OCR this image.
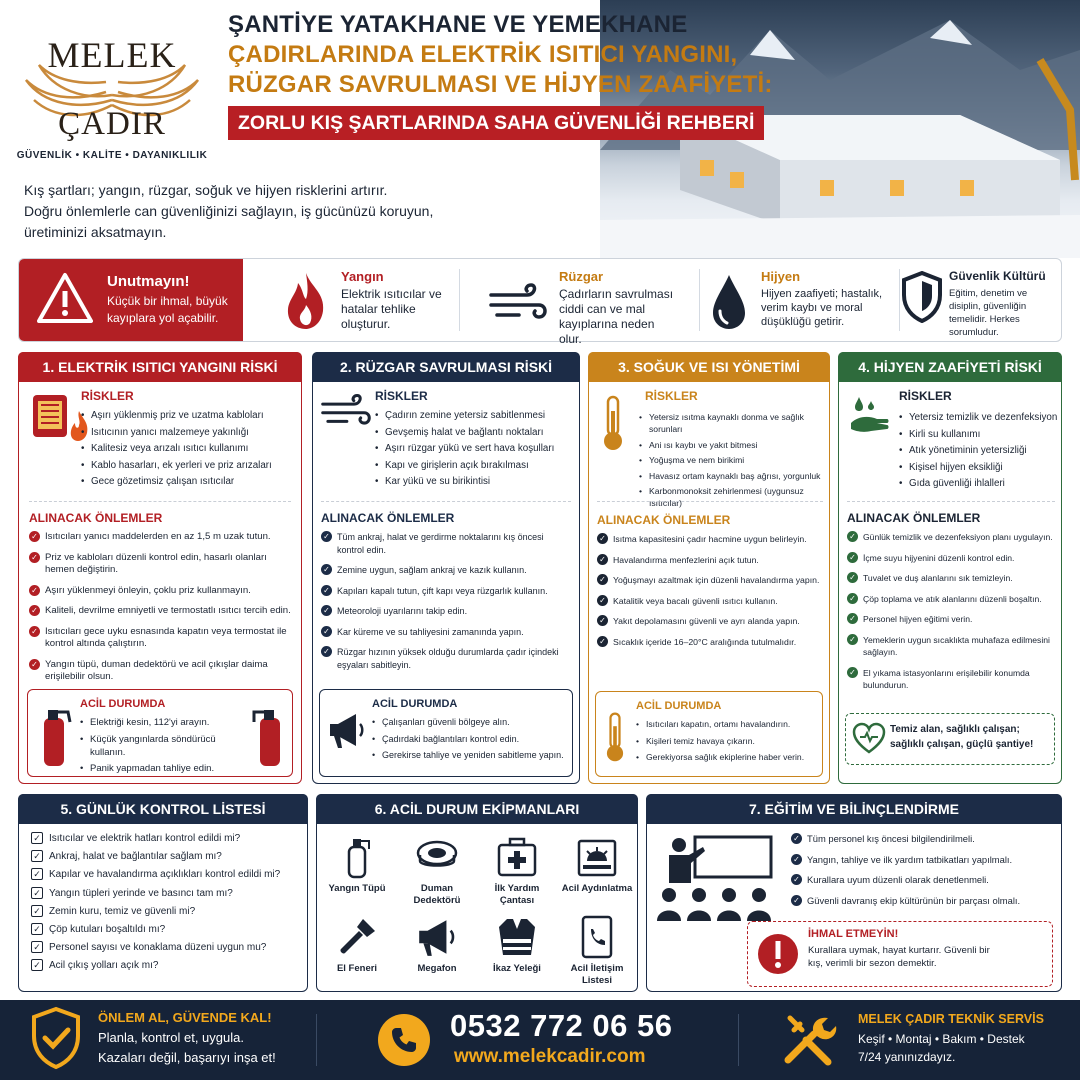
MELEK
ÇADIR
GÜVENLİK • KALİTE • DAYANIKLILIK
ŞANTİYE YATAKHANE VE YEMEKHANE
ÇADIRLARINDA ELEKTRİK ISITICI YANGINI,
RÜZGAR SAVRULMASI VE HİJYEN ZAAFİYETİ:
ZORLU KIŞ ŞARTLARINDA SAHA GÜVENLİĞİ REHBERİ
Kış şartları; yangın, rüzgar, soğuk ve hijyen risklerini artırır.
Doğru önlemlerle can güvenliğinizi sağlayın, iş gücünüzü koruyun,
üretiminizi aksatmayın.
Unutmayın!
Küçük bir ihmal, büyük kayıplara yol açabilir.
Yangın
Elektrik ısıtıcılar ve hatalar tehlike oluşturur.
Rüzgar
Çadırların savrulması ciddi can ve mal kayıplarına neden olur.
Hijyen
Hijyen zaafiyeti; hastalık, verim kaybı ve moral düşüklüğü getirir.
Güvenlik Kültürü
Eğitim, denetim ve disiplin, güvenliğin temelidir. Herkes sorumludur.
1. ELEKTRİK ISITICI YANGINI RİSKİ
RİSKLER
• Aşırı yüklenmiş priz ve uzatma kabloları
• Isıtıcının yanıcı malzemeye yakınlığı
• Kalitesiz veya arızalı ısıtıcı kullanımı
• Kablo hasarları, ek yerleri ve priz arızaları
• Gece gözetimsiz çalışan ısıtıcılar
ALINACAK ÖNLEMLER
✓ Isıtıcıları yanıcı maddelerden en az 1,5 m uzak tutun.
✓ Priz ve kabloları düzenli kontrol edin, hasarlı olanları hemen değiştirin.
✓ Aşırı yüklenmeyi önleyin, çoklu priz kullanmayın.
✓ Kaliteli, devrilme emniyetli ve termostatlı ısıtıcı tercih edin.
✓ Isıtıcıları gece uyku esnasında kapatın veya termostat ile kontrol altında çalıştırın.
✓ Yangın tüpü, duman dedektörü ve acil çıkışlar daima erişilebilir olsun.
ACİL DURUMDA
• Elektriği kesin, 112'yi arayın.
• Küçük yangınlarda söndürücü kullanın.
• Panik yapmadan tahliye edin.
2. RÜZGAR SAVRULMASI RİSKİ
RİSKLER
• Çadırın zemine yetersiz sabitlenmesi
• Gevşemiş halat ve bağlantı noktaları
• Aşırı rüzgar yükü ve sert hava koşulları
• Kapı ve girişlerin açık bırakılması
• Kar yükü ve su birikintisi
ALINACAK ÖNLEMLER
✓ Tüm ankraj, halat ve gerdirme noktalarını kış öncesi kontrol edin.
✓ Zemine uygun, sağlam ankraj ve kazık kullanın.
✓ Kapıları kapalı tutun, çift kapı veya rüzgarlık kullanın.
✓ Meteoroloji uyarılarını takip edin.
✓ Kar küreme ve su tahliyesini zamanında yapın.
✓ Rüzgar hızının yüksek olduğu durumlarda çadır içindeki eşyaları sabitleyin.
ACİL DURUMDA
• Çalışanları güvenli bölgeye alın.
• Çadırdaki bağlantıları kontrol edin.
• Gerekirse tahliye ve yeniden sabitleme yapın.
3. SOĞUK VE ISI YÖNETİMİ
RİSKLER
• Yetersiz ısıtma kaynaklı donma ve sağlık sorunları
• Ani ısı kaybı ve yakıt bitmesi
• Yoğuşma ve nem birikimi
• Havasız ortam kaynaklı baş ağrısı, yorgunluk
• Karbonmonoksit zehirlenmesi (uygunsuz ısıtıcılar)
ALINACAK ÖNLEMLER
✓ Isıtma kapasitesini çadır hacmine uygun belirleyin.
✓ Havalandırma menfezlerini açık tutun.
✓ Yoğuşmayı azaltmak için düzenli havalandırma yapın.
✓ Katalitik veya bacalı güvenli ısıtıcı kullanın.
✓ Yakıt depolamasını güvenli ve ayrı alanda yapın.
✓ Sıcaklık içeride 16–20°C aralığında tutulmalıdır.
ACİL DURUMDA
• Isıtıcıları kapatın, ortamı havalandırın.
• Kişileri temiz havaya çıkarın.
• Gerekiyorsa sağlık ekiplerine haber verin.
4. HİJYEN ZAAFİYETİ RİSKİ
RİSKLER
• Yetersiz temizlik ve dezenfeksiyon
• Kirli su kullanımı
• Atık yönetiminin yetersizliği
• Kişisel hijyen eksikliği
• Gıda güvenliği ihlalleri
ALINACAK ÖNLEMLER
✓ Günlük temizlik ve dezenfeksiyon planı uygulayın.
✓ İçme suyu hijyenini düzenli kontrol edin.
✓ Tuvalet ve duş alanlarını sık temizleyin.
✓ Çöp toplama ve atık alanlarını düzenli boşaltın.
✓ Personel hijyen eğitimi verin.
✓ Yemeklerin uygun sıcaklıkta muhafaza edilmesini sağlayın.
✓ El yıkama istasyonlarını erişilebilir konumda bulundurun.
Temiz alan, sağlıklı çalışan; sağlıklı çalışan, güçlü şantiye!
5. GÜNLÜK KONTROL LİSTESİ
✓ Isıtıcılar ve elektrik hatları kontrol edildi mi?
✓ Ankraj, halat ve bağlantılar sağlam mı?
✓ Kapılar ve havalandırma açıklıkları kontrol edildi mi?
✓ Yangın tüpleri yerinde ve basıncı tam mı?
✓ Zemin kuru, temiz ve güvenli mi?
✓ Çöp kutuları boşaltıldı mı?
✓ Personel sayısı ve konaklama düzeni uygun mu?
✓ Acil çıkış yolları açık mı?
6. ACİL DURUM EKİPMANLARI
Yangın Tüpü	Duman Dedektörü
İlk Yardım Çantası
Acil Aydınlatma
El Feneri	Megafon	İkaz Yeleği	Acil İletişim Listesi
7. EĞİTİM VE BİLİNÇLENDİRME
✓ Tüm personel kış öncesi bilgilendirilmeli.
✓ Yangın, tahliye ve ilk yardım tatbikatları yapılmalı.
✓ Kurallara uyum düzenli olarak denetlenmeli.
✓ Güvenli davranış ekip kültürünün bir parçası olmalı.
İHMAL ETMEYİN!
Kurallara uymak, hayat kurtarır. Güvenli bir kış, verimli bir sezon demektir.
ÖNLEM AL, GÜVENDE KAL!
Planla, kontrol et, uygula.
Kazaları değil, başarıyı inşa et!
0532 772 06 56
www.melekcadir.com
MELEK ÇADIR TEKNİK SERVİS
Keşif • Montaj • Bakım • Destek
7/24 yanınızdayız.
